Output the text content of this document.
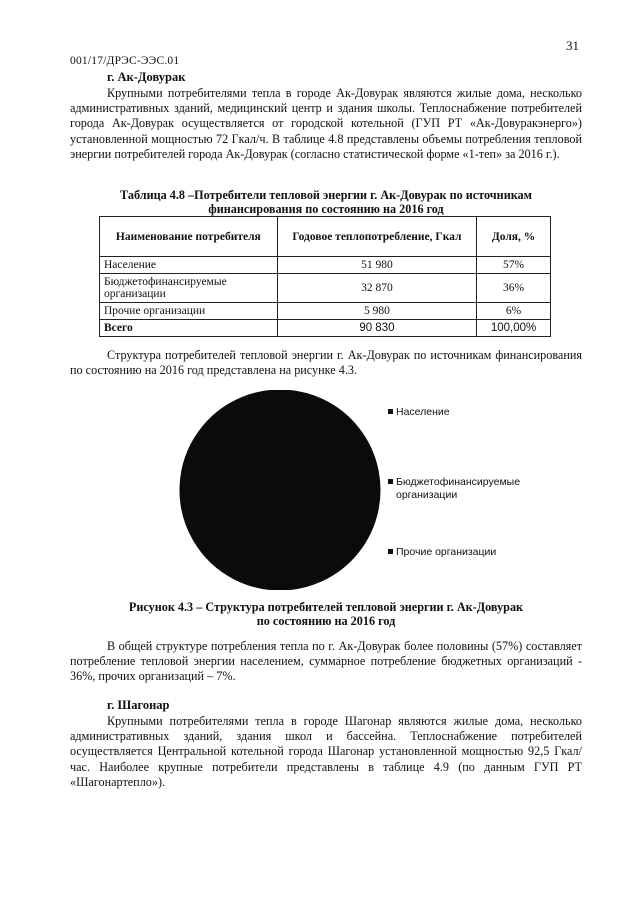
31
001/17/ДРЭС-ЭЭС.01
г. Ак-Довурак
Крупными потребителями тепла в городе Ак-Довурак являются жилые дома, несколько административных зданий, медицинский центр и здания школы. Теплоснабжение потребителей города Ак-Довурак осуществляется от городской котельной (ГУП РТ «Ак-Довуракэнерго») установленной мощностью 72 Гкал/ч. В таблице 4.8 представлены объемы потребления тепловой энергии потребителей города Ак-Довурак (согласно статистической форме «1-теп» за 2016 г.).
Таблица 4.8 –Потребители тепловой энергии г. Ак-Довурак по источникам
финансирования по состоянию на 2016 год
Наименование потребителя	Годовое теплопотребление, Гкал	Доля, %
Население	51 980	57%
Бюджетофинансируемые организации	32 870	36%
Прочие организации	5 980	6%
Всего	90 830	100,00%
Структура потребителей тепловой энергии г. Ак-Довурак по источникам финансирования по состоянию на 2016 год представлена на рисунке 4.3.
Население
Бюджетофинансируемые
организации
Прочие организации
Рисунок 4.3 – Структура потребителей тепловой энергии г. Ак-Довурак
по состоянию на 2016 год
В общей структуре потребления тепла по г. Ак-Довурак более половины (57%) составляет потребление тепловой энергии населением, суммарное потребление бюджетных организаций - 36%, прочих организаций – 7%.
г. Шагонар
Крупными потребителями тепла в городе Шагонар являются жилые дома, несколько административных зданий, здания школ и бассейна. Теплоснабжение потребителей осуществляется Центральной котельной города Шагонар установленной мощностью 92,5 Гкал/час. Наиболее крупные потребители представлены в таблице 4.9 (по данным ГУП РТ «Шагонартепло»).
